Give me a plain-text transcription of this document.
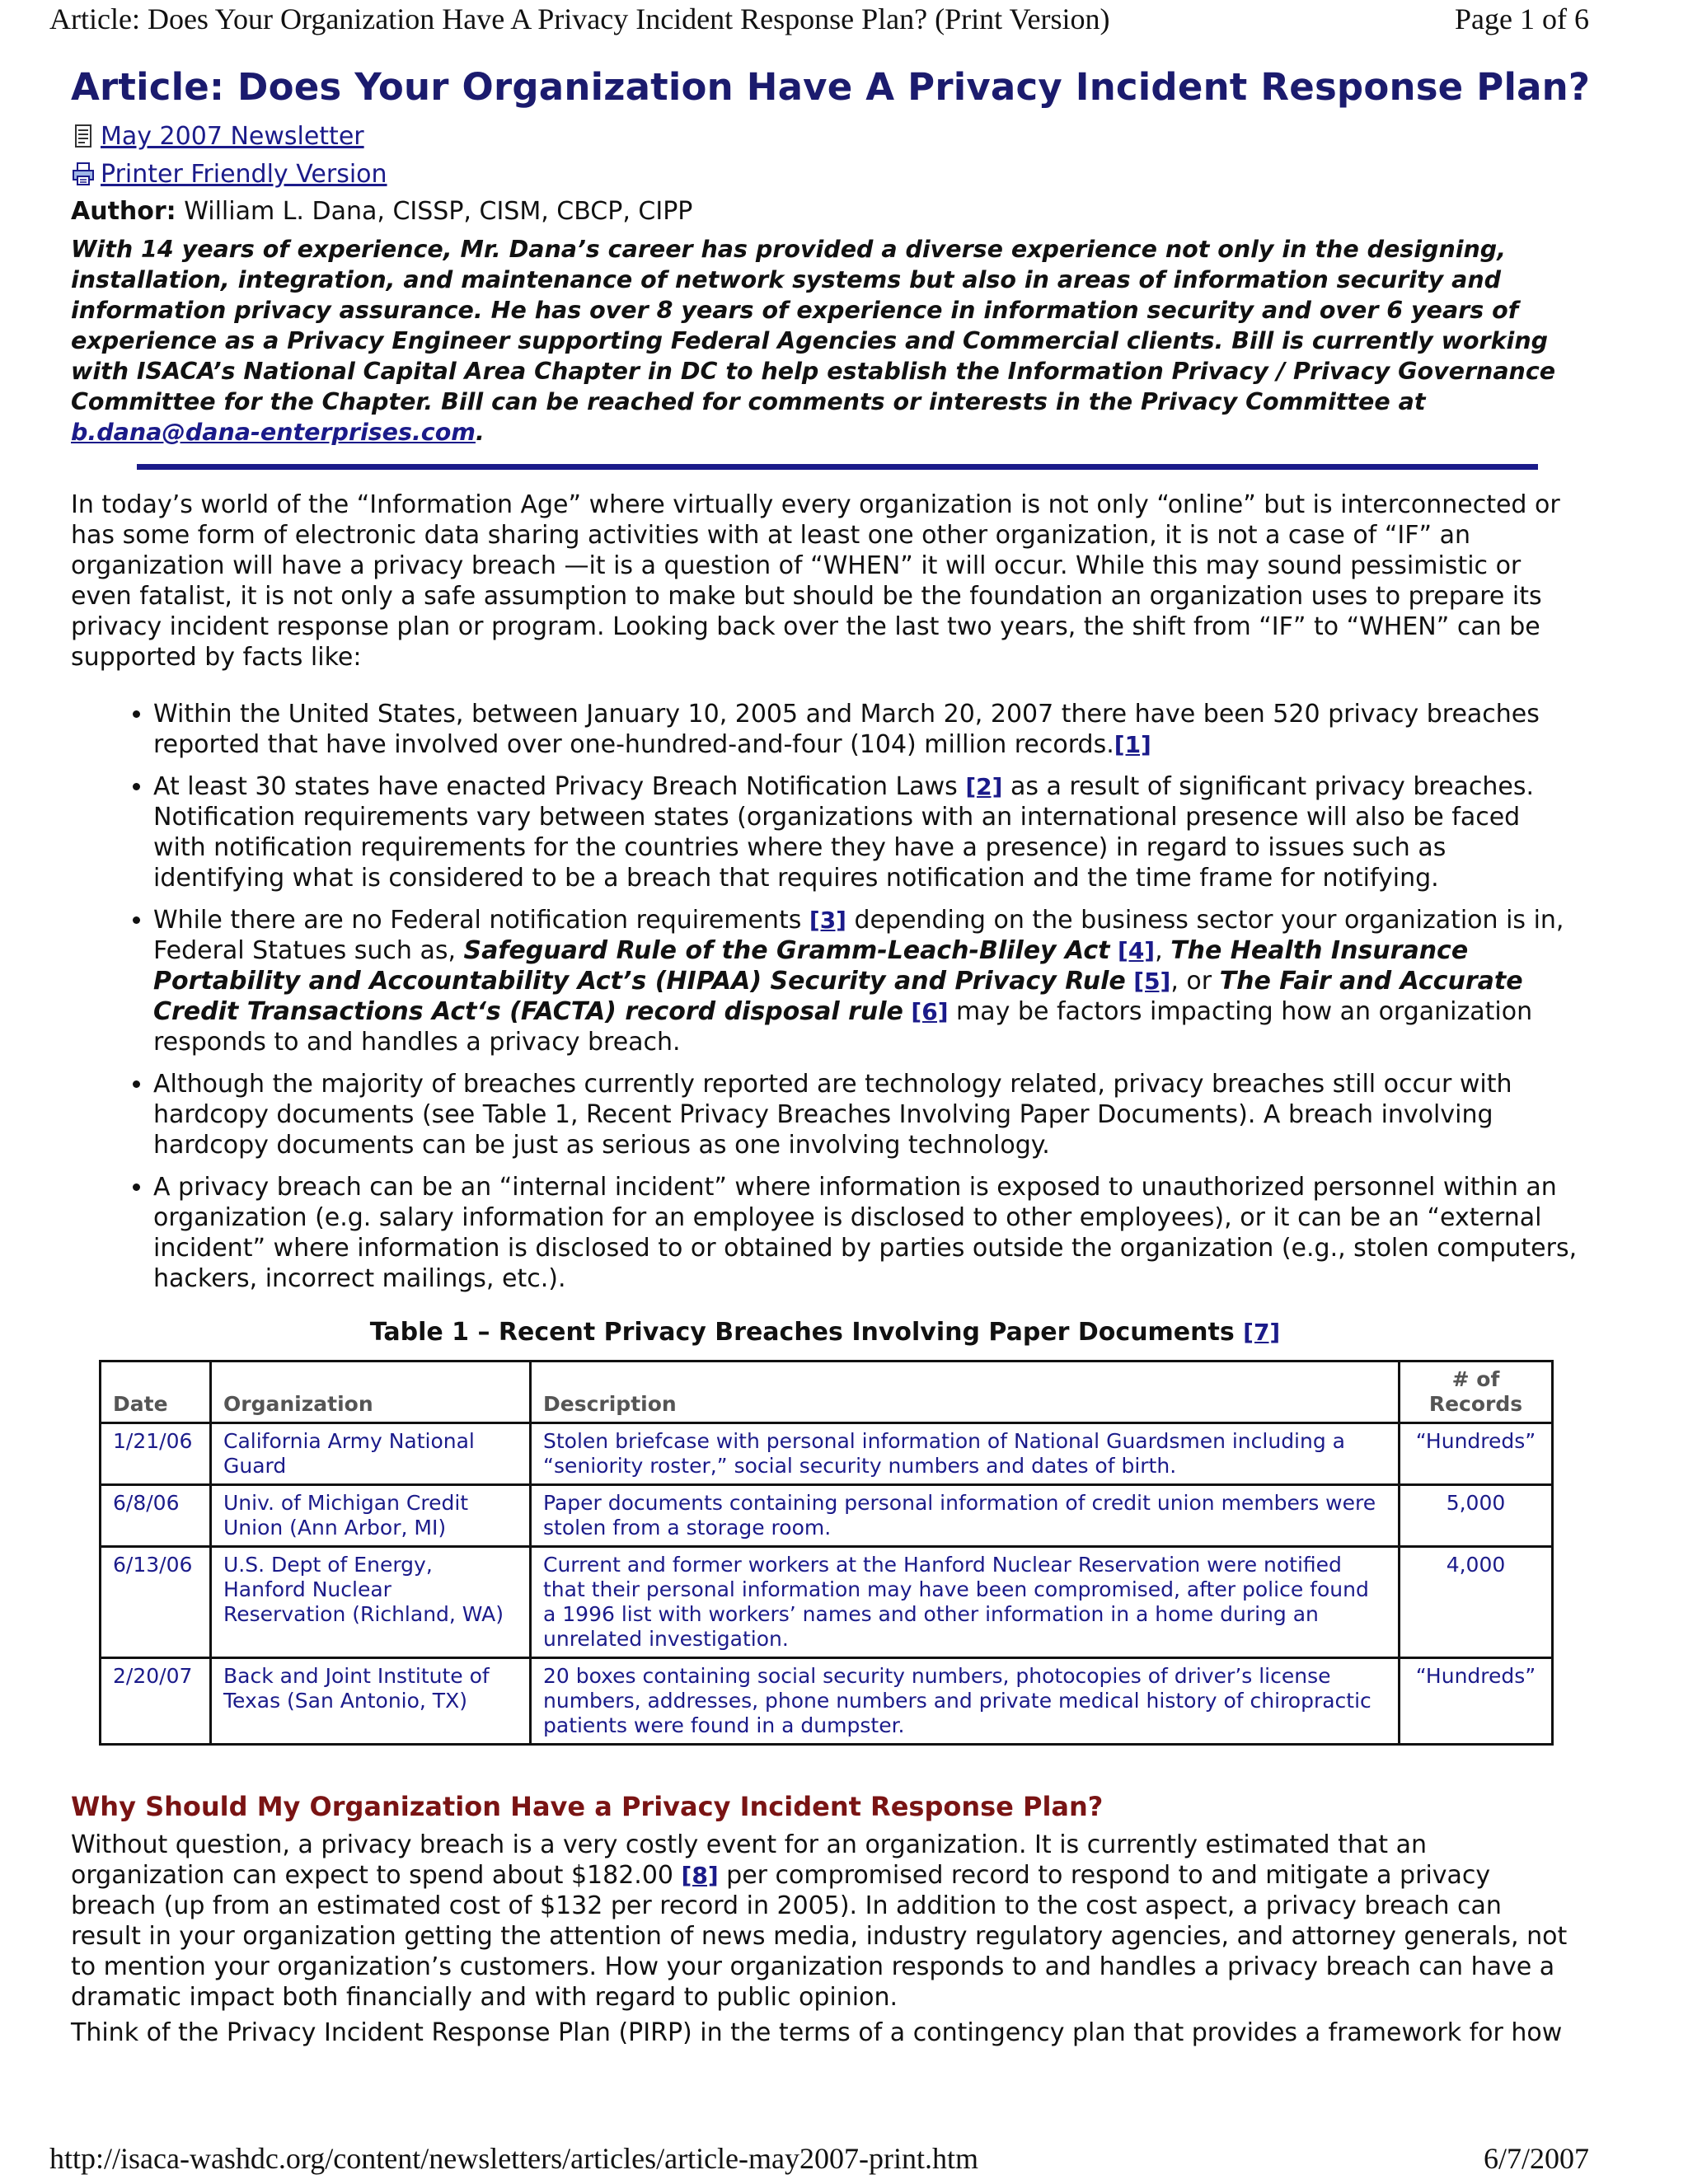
Article: Does Your Organization Have A Privacy Incident Response Plan? (Print Version)	Page 1 of 6
Article: Does Your Organization Have A Privacy Incident Response Plan?
May 2007 Newsletter
Printer Friendly Version
Author: William L. Dana, CISSP, CISM, CBCP, CIPP
With 14 years of experience, Mr. Dana’s career has provided a diverse experience not only in the designing, installation, integration, and maintenance of network systems but also in areas of information security and information privacy assurance. He has over 8 years of experience in information security and over 6 years of experience as a Privacy Engineer supporting Federal Agencies and Commercial clients. Bill is currently working with ISACA’s National Capital Area Chapter in DC to help establish the Information Privacy / Privacy Governance Committee for the Chapter. Bill can be reached for comments or interests in the Privacy Committee at b.dana@dana-enterprises.com.

In today’s world of the “Information Age” where virtually every organization is not only “online” but is interconnected or has some form of electronic data sharing activities with at least one other organization, it is not a case of “IF” an organization will have a privacy breach —it is a question of “WHEN” it will occur. While this may sound pessimistic or even fatalist, it is not only a safe assumption to make but should be the foundation an organization uses to prepare its privacy incident response plan or program. Looking back over the last two years, the shift from “IF” to “WHEN” can be supported by facts like:

• Within the United States, between January 10, 2005 and March 20, 2007 there have been 520 privacy breaches reported that have involved over one-hundred-and-four (104) million records.[1]
• At least 30 states have enacted Privacy Breach Notification Laws [2] as a result of significant privacy breaches. Notification requirements vary between states (organizations with an international presence will also be faced with notification requirements for the countries where they have a presence) in regard to issues such as identifying what is considered to be a breach that requires notification and the time frame for notifying.
• While there are no Federal notification requirements [3] depending on the business sector your organization is in, Federal Statues such as, Safeguard Rule of the Gramm-Leach-Bliley Act [4], The Health Insurance Portability and Accountability Act’s (HIPAA) Security and Privacy Rule [5], or The Fair and Accurate Credit Transactions Act‘s (FACTA) record disposal rule [6] may be factors impacting how an organization responds to and handles a privacy breach.
• Although the majority of breaches currently reported are technology related, privacy breaches still occur with hardcopy documents (see Table 1, Recent Privacy Breaches Involving Paper Documents). A breach involving hardcopy documents can be just as serious as one involving technology.
• A privacy breach can be an “internal incident” where information is exposed to unauthorized personnel within an organization (e.g. salary information for an employee is disclosed to other employees), or it can be an “external incident” where information is disclosed to or obtained by parties outside the organization (e.g., stolen computers, hackers, incorrect mailings, etc.).
Table 1 – Recent Privacy Breaches Involving Paper Documents [7]
Date	Organization	Description	# of Records
1/21/06	California Army National Guard	Stolen briefcase with personal information of National Guardsmen including a “seniority roster,” social security numbers and dates of birth.	“Hundreds”
6/8/06	Univ. of Michigan Credit Union (Ann Arbor, MI)	Paper documents containing personal information of credit union members were stolen from a storage room.	5,000
6/13/06	U.S. Dept of Energy, Hanford Nuclear Reservation (Richland, WA)	Current and former workers at the Hanford Nuclear Reservation were notified that their personal information may have been compromised, after police found a 1996 list with workers’ names and other information in a home during an unrelated investigation.	4,000
2/20/07	Back and Joint Institute of Texas (San Antonio, TX)	20 boxes containing social security numbers, photocopies of driver’s license numbers, addresses, phone numbers and private medical history of chiropractic patients were found in a dumpster.	“Hundreds”
Why Should My Organization Have a Privacy Incident Response Plan?

Without question, a privacy breach is a very costly event for an organization. It is currently estimated that an organization can expect to spend about $182.00 [8] per compromised record to respond to and mitigate a privacy breach (up from an estimated cost of $132 per record in 2005). In addition to the cost aspect, a privacy breach can result in your organization getting the attention of news media, industry regulatory agencies, and attorney generals, not to mention your organization’s customers. How your organization responds to and handles a privacy breach can have a dramatic impact both financially and with regard to public opinion.

Think of the Privacy Incident Response Plan (PIRP) in the terms of a contingency plan that provides a framework for how

http://isaca-washdc.org/content/newsletters/articles/article-may2007-print.htm	6/7/2007
